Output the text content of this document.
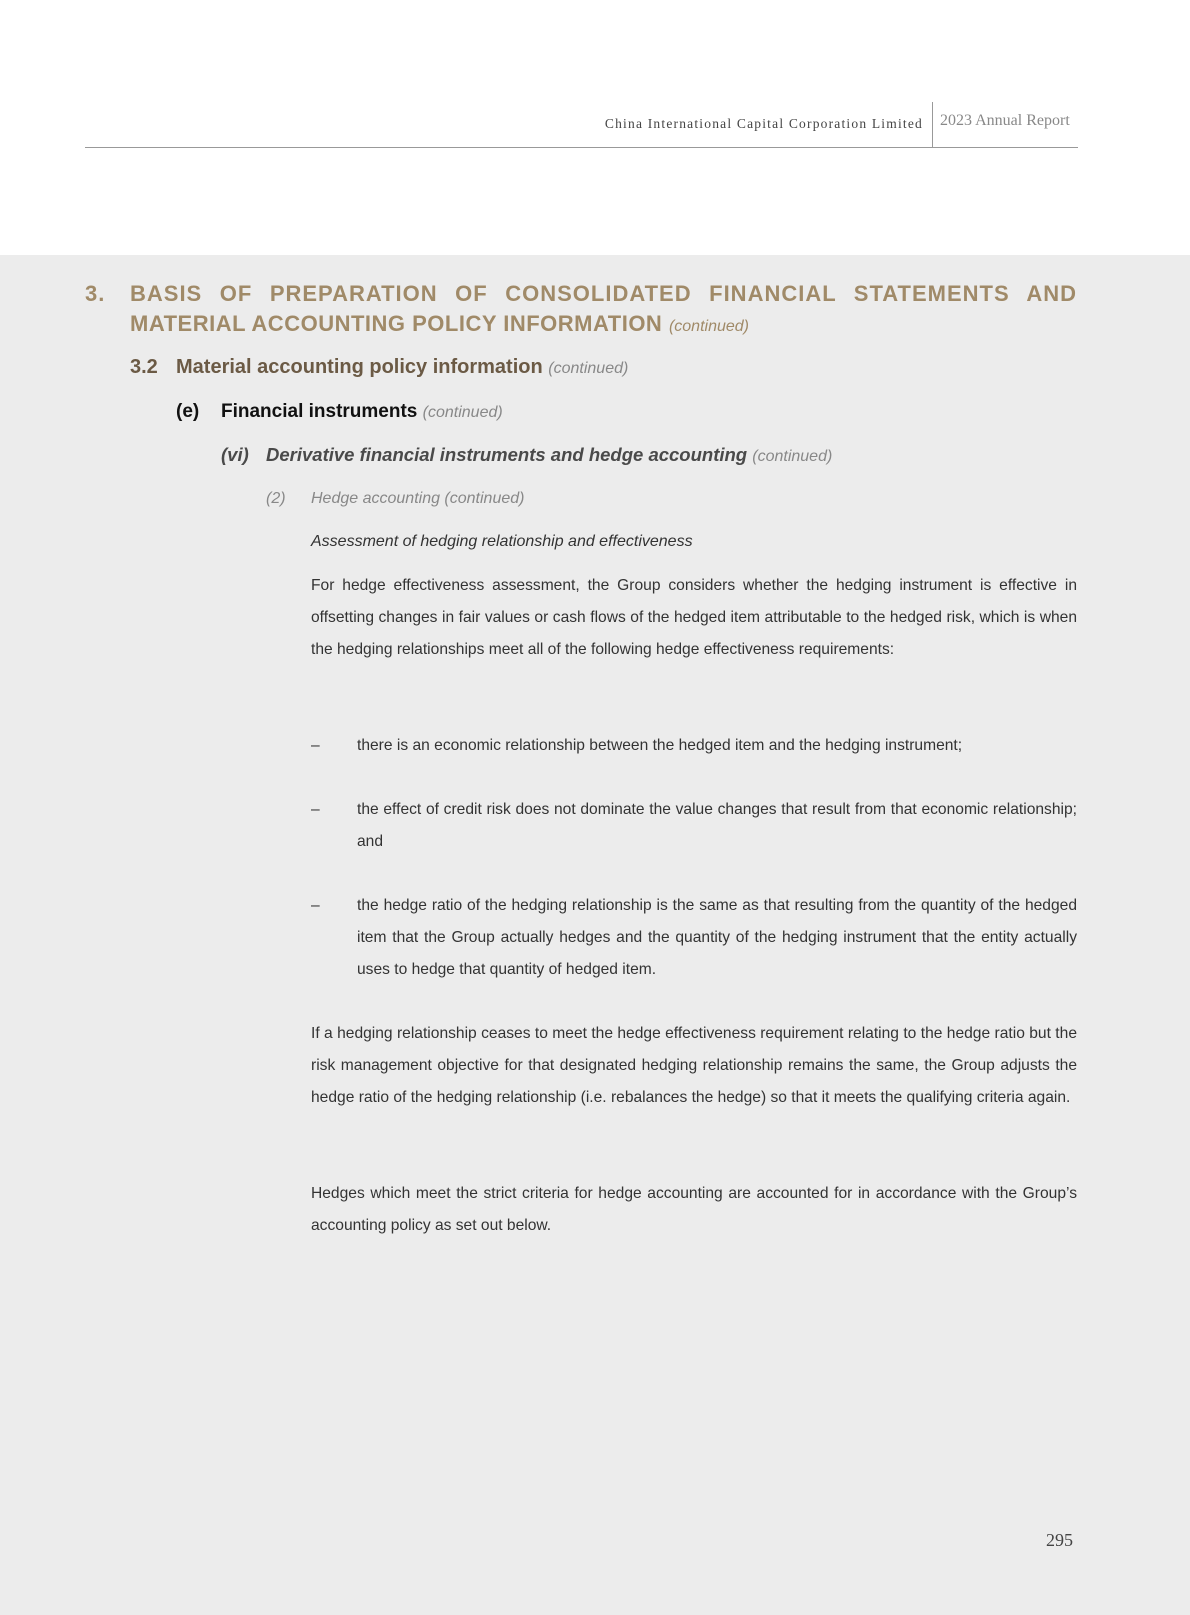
China International Capital Corporation Limited 2023 Annual Report
3. BASIS OF PREPARATION OF CONSOLIDATED FINANCIAL STATEMENTS AND
MATERIAL ACCOUNTING POLICY INFORMATION (continued)
3.2 Material accounting policy information (continued)
(e) Financial instruments (continued)
(vi) Derivative financial instruments and hedge accounting (continued)
(2) Hedge accounting (continued)
Assessment of hedging relationship and effectiveness
For hedge effectiveness assessment, the Group considers whether the hedging instrument is effective in offsetting changes in fair values or cash flows of the hedged item attributable to the hedged risk, which is when the hedging relationships meet all of the following hedge effectiveness requirements:
–	there is an economic relationship between the hedged item and the hedging instrument;
–	the effect of credit risk does not dominate the value changes that result from that economic relationship; and
–	the hedge ratio of the hedging relationship is the same as that resulting from the quantity of the hedged item that the Group actually hedges and the quantity of the hedging instrument that the entity actually uses to hedge that quantity of hedged item.
If a hedging relationship ceases to meet the hedge effectiveness requirement relating to the hedge ratio but the risk management objective for that designated hedging relationship remains the same, the Group adjusts the hedge ratio of the hedging relationship (i.e. rebalances the hedge) so that it meets the qualifying criteria again.
Hedges which meet the strict criteria for hedge accounting are accounted for in accordance with the Group’s accounting policy as set out below.
295
